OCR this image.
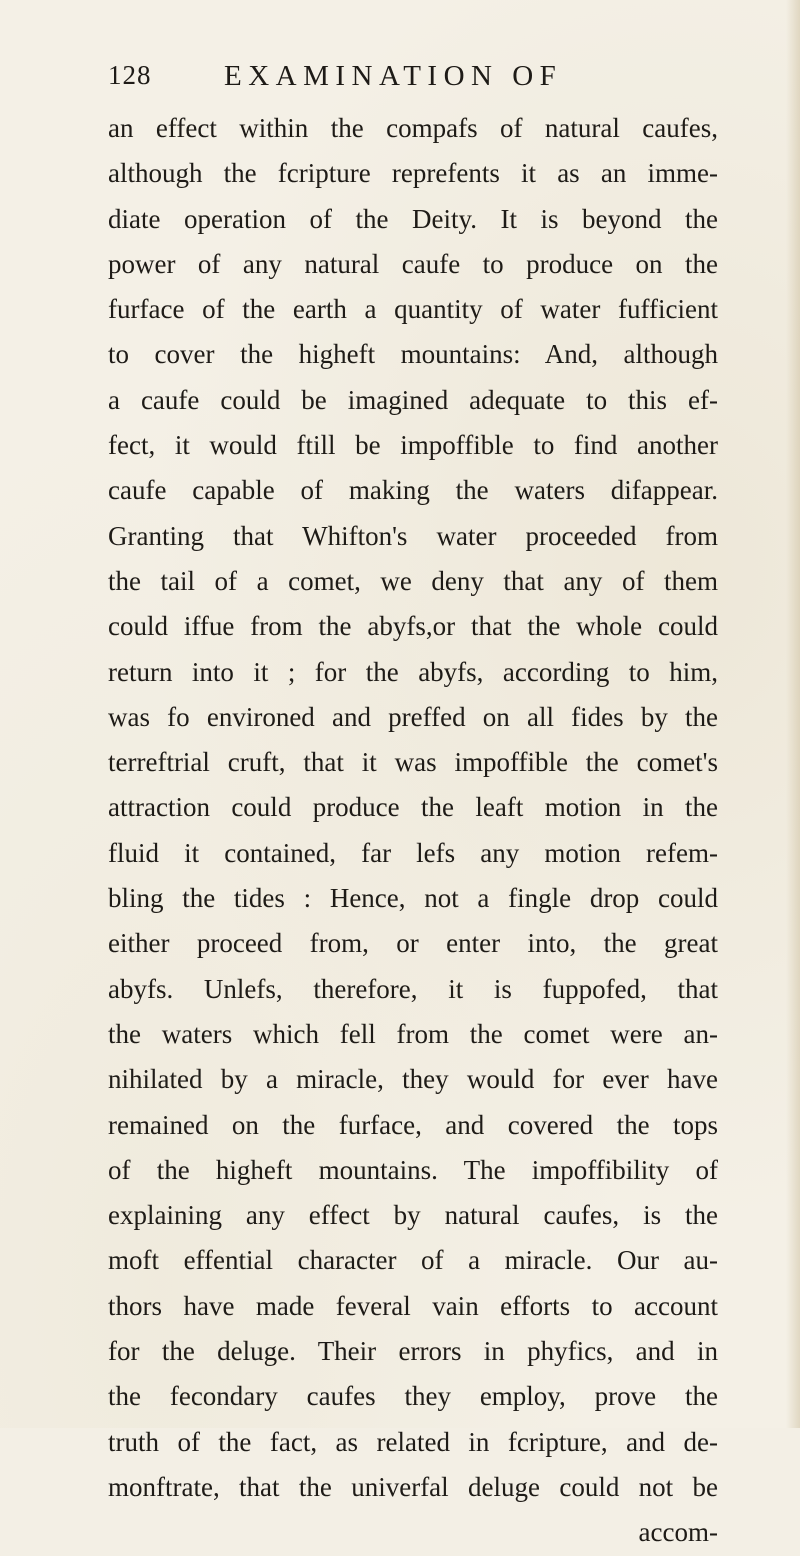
128	EXAMINATION OF
an effect within the compafs of natural caufes,
although the fcripture reprefents it as an imme-
diate operation of the Deity. It is beyond the
power of any natural caufe to produce on the
furface of the earth a quantity of water fufficient
to cover the higheft mountains: And, although
a caufe could be imagined adequate to this ef-
fect, it would ftill be impoffible to find another
caufe capable of making the waters difappear.
Granting that Whifton's water proceeded from
the tail of a comet, we deny that any of them
could iffue from the abyfs,or that the whole could
return into it ; for the abyfs, according to him,
was fo environed and preffed on all fides by the
terreftrial cruft, that it was impoffible the comet's
attraction could produce the leaft motion in the
fluid it contained, far lefs any motion refem-
bling the tides : Hence, not a fingle drop could
either proceed from, or enter into, the great
abyfs. Unlefs, therefore, it is fuppofed, that
the waters which fell from the comet were an-
nihilated by a miracle, they would for ever have
remained on the furface, and covered the tops
of the higheft mountains. The impoffibility of
explaining any effect by natural caufes, is the
moft effential character of a miracle. Our au-
thors have made feveral vain efforts to account
for the deluge. Their errors in phyfics, and in
the fecondary caufes they employ, prove the
truth of the fact, as related in fcripture, and de-
monftrate, that the univerfal deluge could not be
accom-
